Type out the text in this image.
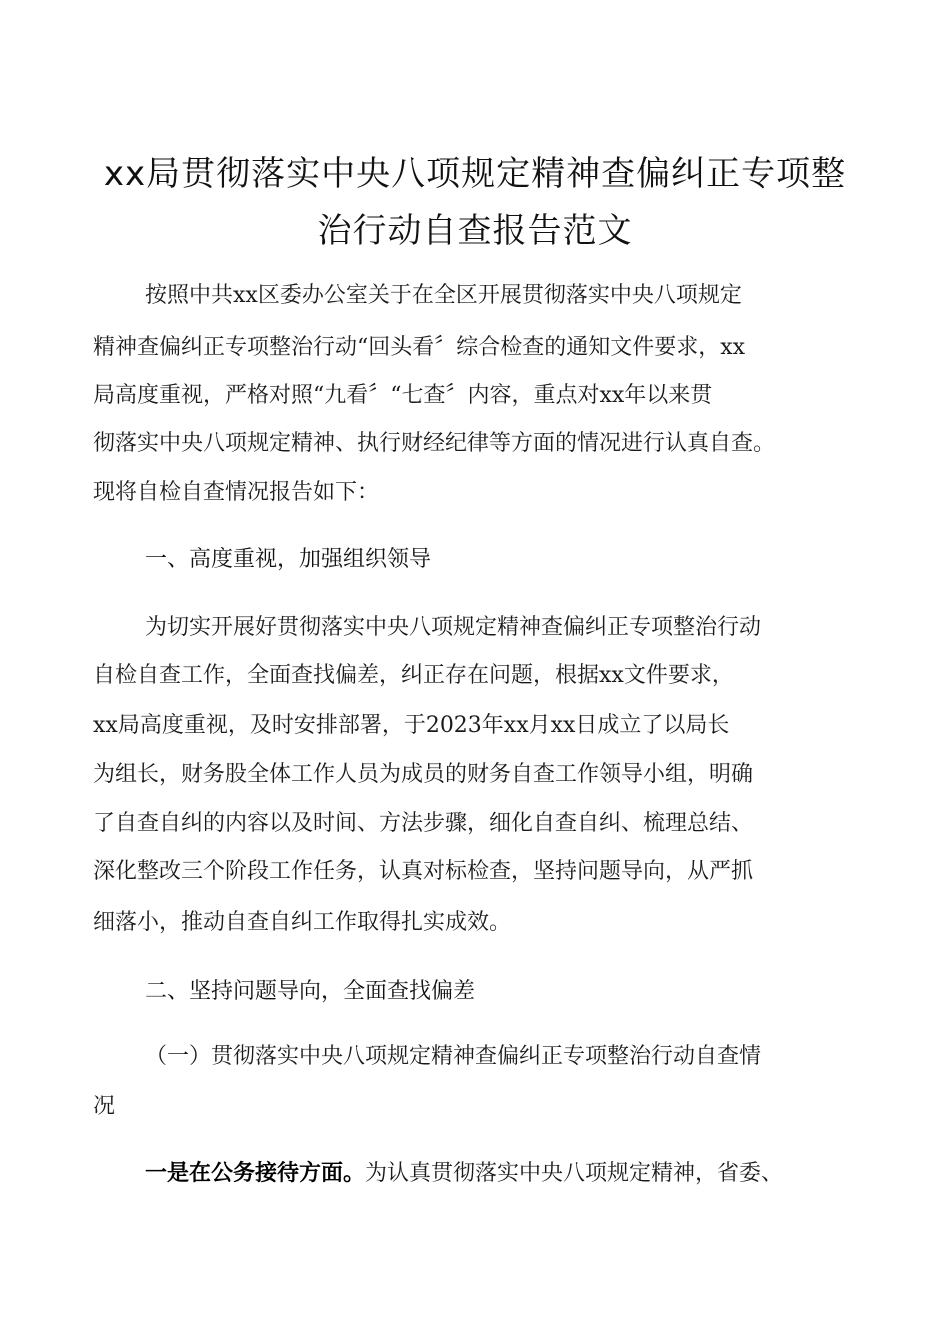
xx局贯彻落实中央八项规定精神查偏纠正专项整
治行动自查报告范文
按照中共xx区委办公室关于在全区开展贯彻落实中央八项规定
精神查偏纠正专项整治行动“回头看〞综合检查的通知文件要求，xx
局高度重视，严格对照“九看〞“七查〞内容，重点对xx年以来贯
彻落实中央八项规定精神、执行财经纪律等方面的情况进行认真自查。
现将自检自查情况报告如下：
一、高度重视，加强组织领导
为切实开展好贯彻落实中央八项规定精神查偏纠正专项整治行动
自检自查工作，全面查找偏差，纠正存在问题，根据xx文件要求，
xx局高度重视，及时安排部署，于2023年xx月xx日成立了以局长
为组长，财务股全体工作人员为成员的财务自查工作领导小组，明确
了自查自纠的内容以及时间、方法步骤，细化自查自纠、梳理总结、
深化整改三个阶段工作任务，认真对标检查，坚持问题导向，从严抓
细落小，推动自查自纠工作取得扎实成效。
二、坚持问题导向，全面查找偏差
（一）贯彻落实中央八项规定精神查偏纠正专项整治行动自查情
况
一是在公务接待方面。为认真贯彻落实中央八项规定精神，省委、
